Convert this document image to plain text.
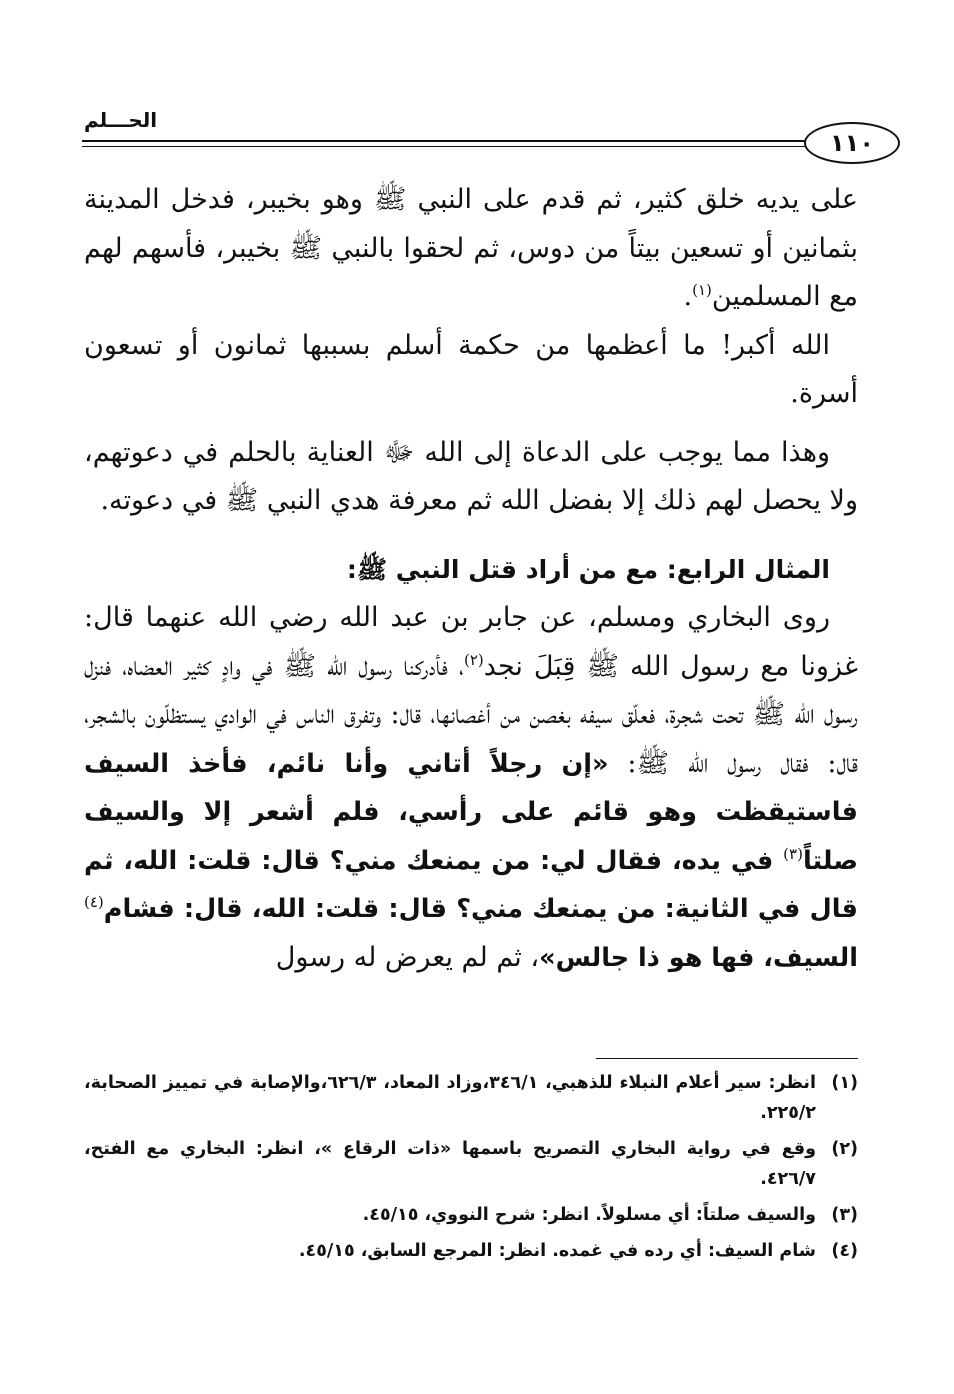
الحـــلم
١١٠

على يديه خلق كثير، ثم قدم على النبي ﷺ وهو بخيبر، فدخل المدينة بثمانين أو تسعين بيتاً من دوس، ثم لحقوا بالنبي ﷺ بخيبر، فأسهم لهم مع المسلمين$^{(١)}$.

الله أكبر! ما أعظمها من حكمة أسلم بسببها ثمانون أو تسعون أسرة.

وهذا مما يوجب على الدعاة إلى الله ﷻ العناية بالحلم في دعوتهم، ولا يحصل لهم ذلك إلا بفضل الله ثم معرفة هدي النبي ﷺ في دعوته.

المثال الرابع: مع من أراد قتل النبي ﷺ:

روى البخاري ومسلم، عن جابر بن عبد الله رضي الله عنهما قال: غزونا مع رسول الله ﷺ قِبَلَ نجد$^{(٢)}$، فأدركنا رسول الله ﷺ في وادٍ كثير العضاه، فنزل رسول الله ﷺ تحت شجرة، فعلّق سيفه بغصن من أغصانها، قال: وتفرق الناس في الوادي يستظلّون بالشجر، قال: فقال رسول الله ﷺ: «إن رجلاً أتاني وأنا نائم، فأخذ السيف فاستيقظت وهو قائم على رأسي، فلم أشعر إلا والسيف صلتاً$^{(٣)}$ في يده، فقال لي: من يمنعك مني؟ قال: قلت: الله، ثم قال في الثانية: من يمنعك مني؟ قال: قلت: الله، قال: فشام$^{(٤)}$ السيف، فها هو ذا جالس»، ثم لم يعرض له رسول

(١)
انظر: سير أعلام النبلاء للذهبي، ٣٤٦/١،وزاد المعاد، ٦٢٦/٣،والإصابة في تمييز الصحابة، ٢٢٥/٢.
(٢)
وقع في رواية البخاري التصريح باسمها «ذات الرقاع »، انظر: البخاري مع الفتح، ٤٢٦/٧.
(٣)
والسيف صلتاً: أي مسلولاً. انظر: شرح النووي، ٤٥/١٥.
(٤)
شام السيف: أي رده في غمده. انظر: المرجع السابق، ٤٥/١٥.
